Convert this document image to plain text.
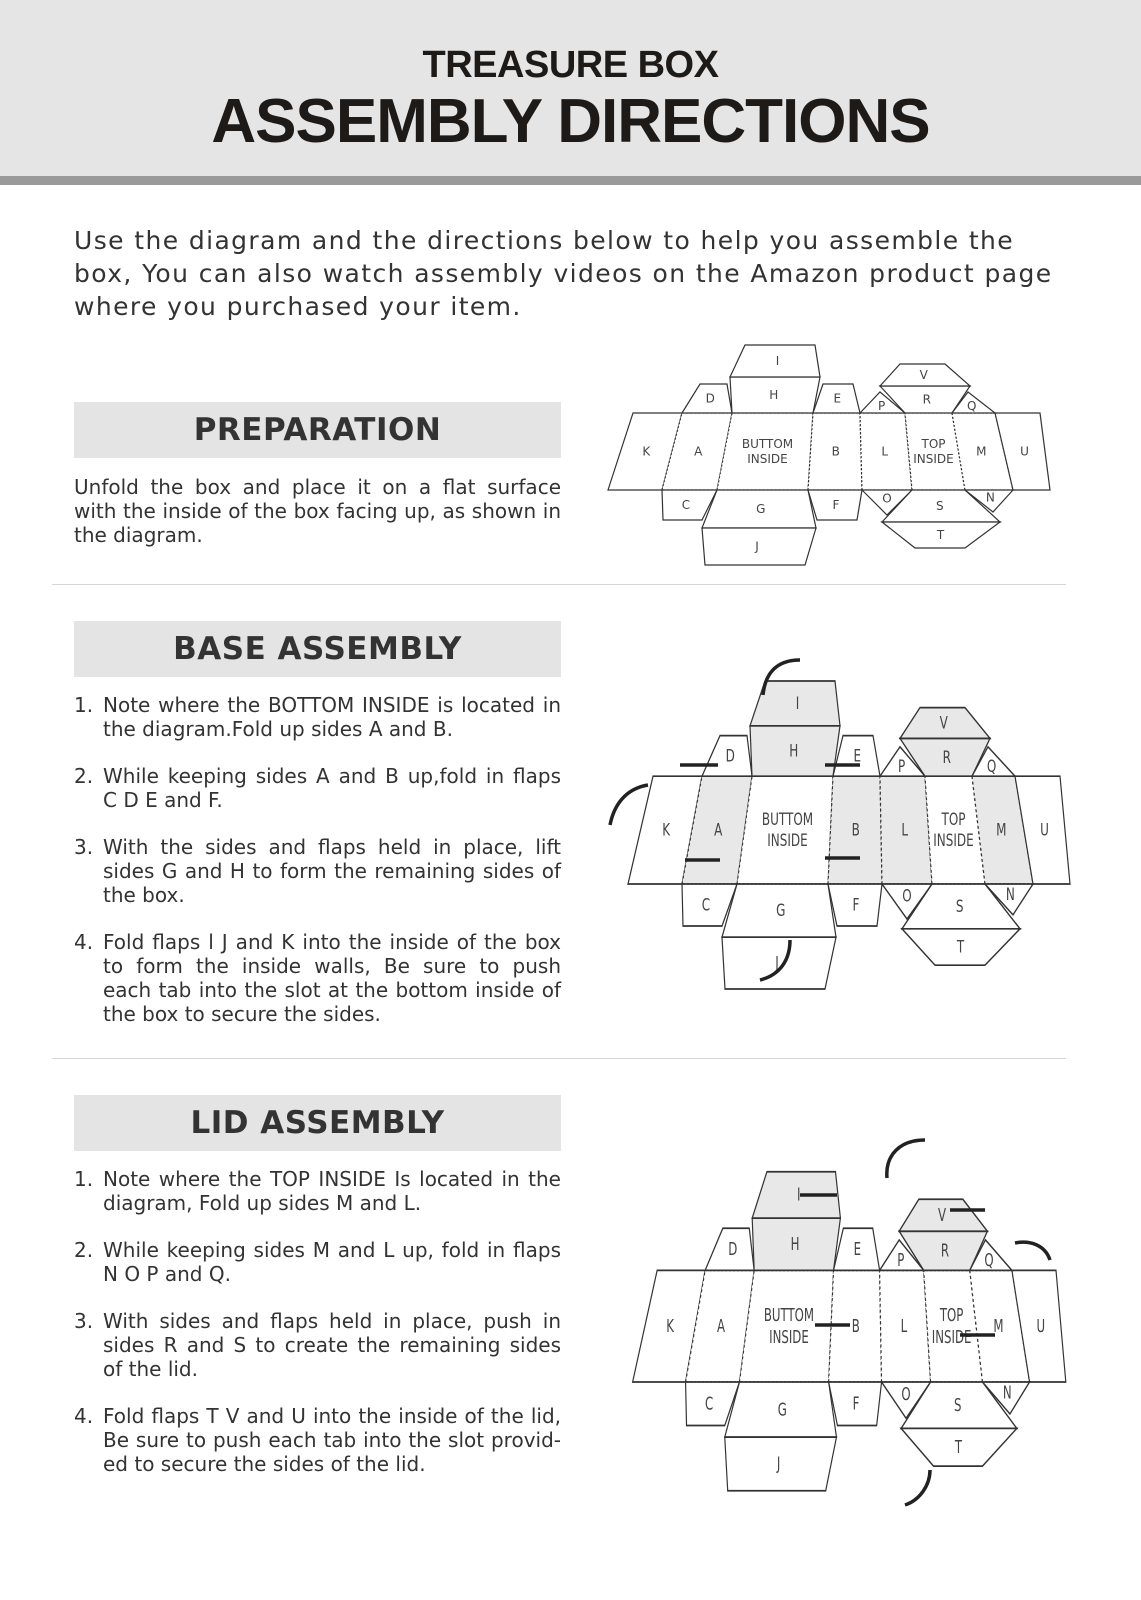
TREASURE BOX
ASSEMBLY DIRECTIONS
Use the diagram and the directions below to help you assemble the box, You can also watch assembly videos on the Amazon product page where you purchased your item.
PREPARATION
Unfold the box and place it on a flat surface with the inside of the box facing up, as shown in the diagram.
K	A
BUTTOM
INSIDE
B	L
TOP
INSIDE
M	U
D	H
I
E
P	R
V
Q
C	G
J
F	O
S
T
N
BASE ASSEMBLY
1. Note where the BOTTOM INSIDE is located in the diagram.Fold up sides A and B.
2. While keeping sides A and B up,fold in flaps C D E and F.
3. With the sides and flaps held in place, lift sides G and H to form the remaining sides of the box.
4. Fold flaps l J and K into the inside of the box to form the inside walls, Be sure to push each tab into the slot at the bottom inside of the box to secure the sides.
K	A
BUTTOM
INSIDE
B	L
TOP
INSIDE
M	U
D	H
I
E
P	R
V
Q
C	G
J
F	O
S
T
N
LID ASSEMBLY
1. Note where the TOP INSIDE Is located in the diagram, Fold up sides M and L.
2. While keeping sides M and L up, fold in flaps N O P and Q.
3. With sides and flaps held in place, push in sides R and S to create the remaining sides of the lid.
4. Fold flaps T V and U into the inside of the lid, Be sure to push each tab into the slot provid-ed to secure the sides of the lid.
K	A
BUTTOM
INSIDE
B	L
TOP
INSIDE
M	U
D	H
I
E
P	R
V
Q
C	G
J
F	O
S
T
N
